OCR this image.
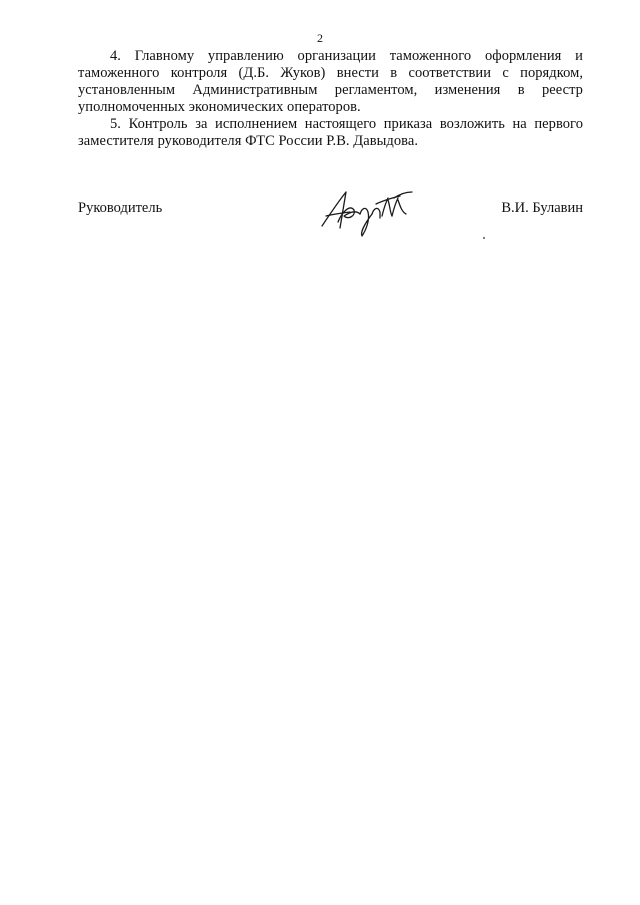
2

4. Главному управлению организации таможенного оформления и таможенного контроля (Д.Б. Жуков) внести в соответствии с порядком, установленным Административным регламентом, изменения в реестр уполномоченных экономических операторов.

5. Контроль за исполнением настоящего приказа возложить на первого заместителя руководителя ФТС России Р.В. Давыдова.

Руководитель	В.И. Булавин
